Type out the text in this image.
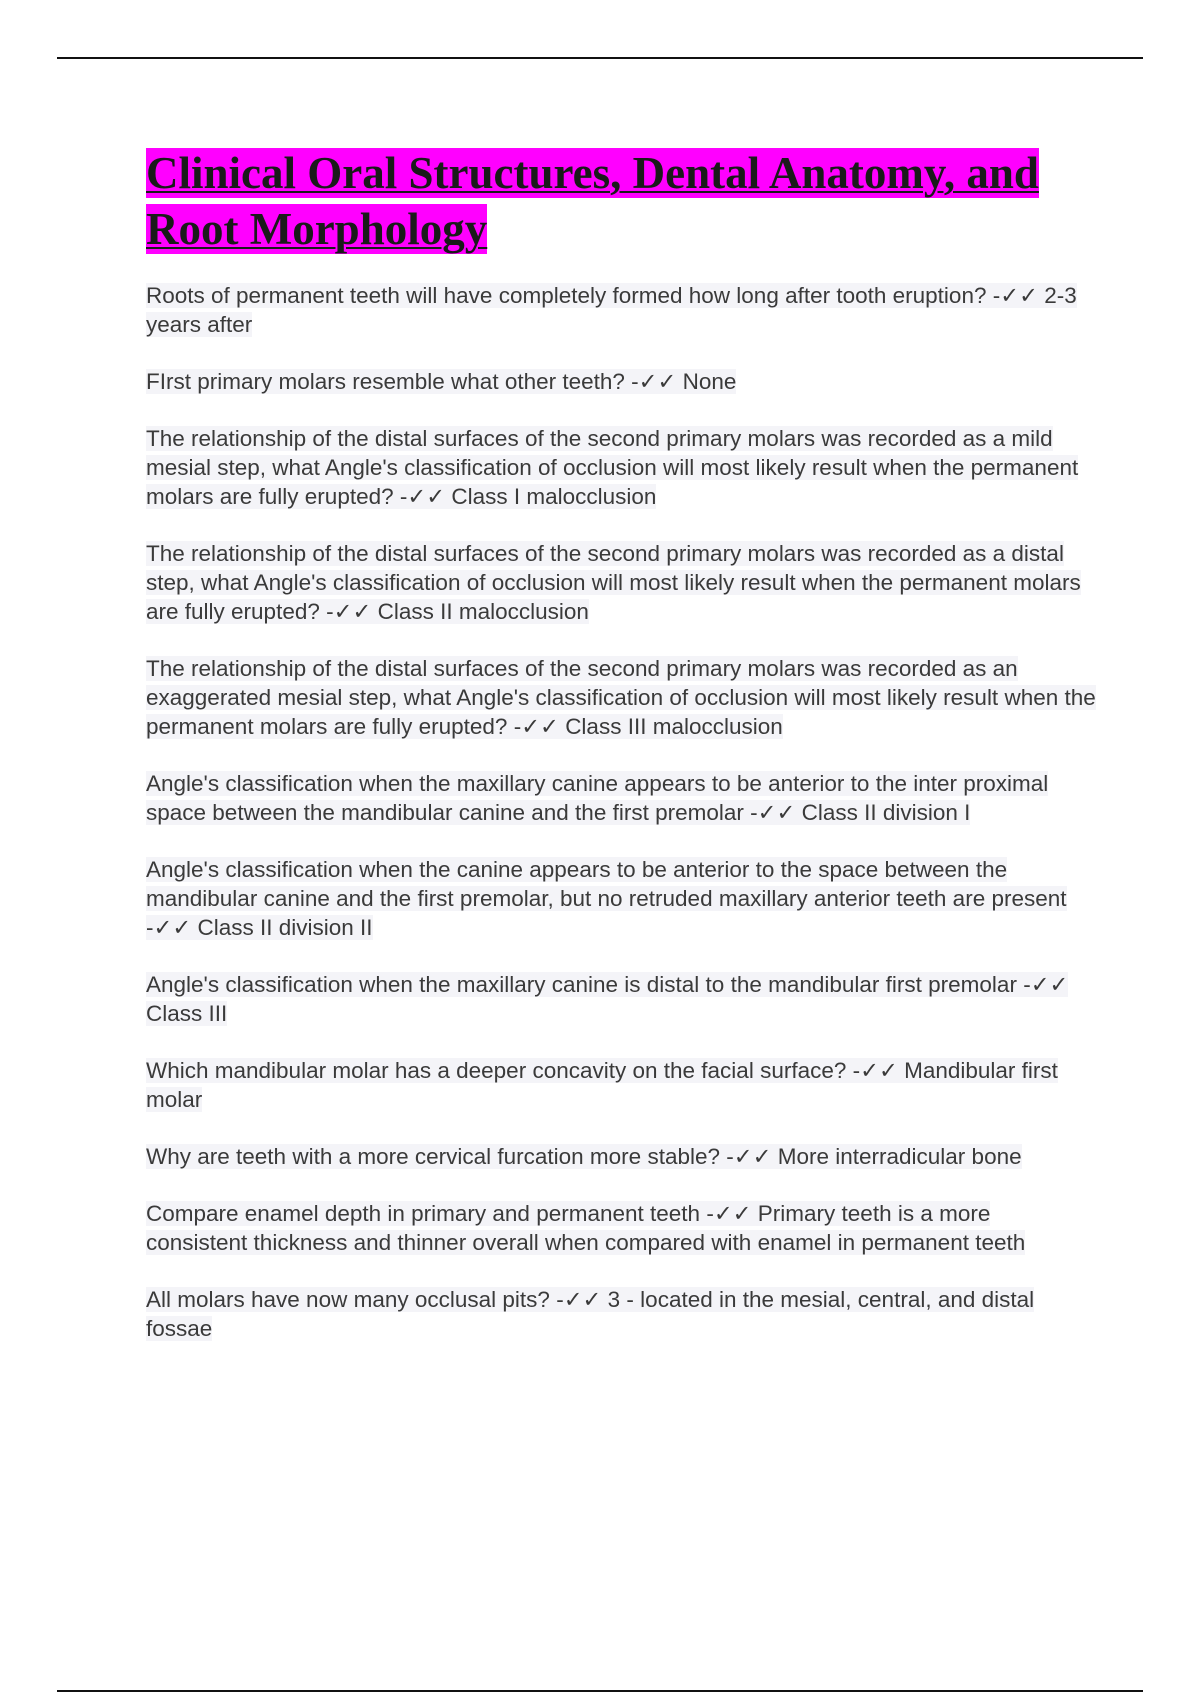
Clinical Oral Structures, Dental Anatomy, and Root Morphology

Roots of permanent teeth will have completely formed how long after tooth eruption? -✓✓ 2-3 years after

FIrst primary molars resemble what other teeth? -✓✓ None

The relationship of the distal surfaces of the second primary molars was recorded as a mild mesial step, what Angle's classification of occlusion will most likely result when the permanent molars are fully erupted? -✓✓ Class I malocclusion

The relationship of the distal surfaces of the second primary molars was recorded as a distal step, what Angle's classification of occlusion will most likely result when the permanent molars are fully erupted? -✓✓ Class II malocclusion

The relationship of the distal surfaces of the second primary molars was recorded as an exaggerated mesial step, what Angle's classification of occlusion will most likely result when the permanent molars are fully erupted? -✓✓ Class III malocclusion

Angle's classification when the maxillary canine appears to be anterior to the inter proximal space between the mandibular canine and the first premolar -✓✓ Class II division I

Angle's classification when the canine appears to be anterior to the space between the mandibular canine and the first premolar, but no retruded maxillary anterior teeth are present -✓✓ Class II division II

Angle's classification when the maxillary canine is distal to the mandibular first premolar -✓✓ Class III

Which mandibular molar has a deeper concavity on the facial surface? -✓✓ Mandibular first molar

Why are teeth with a more cervical furcation more stable? -✓✓ More interradicular bone

Compare enamel depth in primary and permanent teeth -✓✓ Primary teeth is a more consistent thickness and thinner overall when compared with enamel in permanent teeth

All molars have now many occlusal pits? -✓✓ 3 - located in the mesial, central, and distal fossae
